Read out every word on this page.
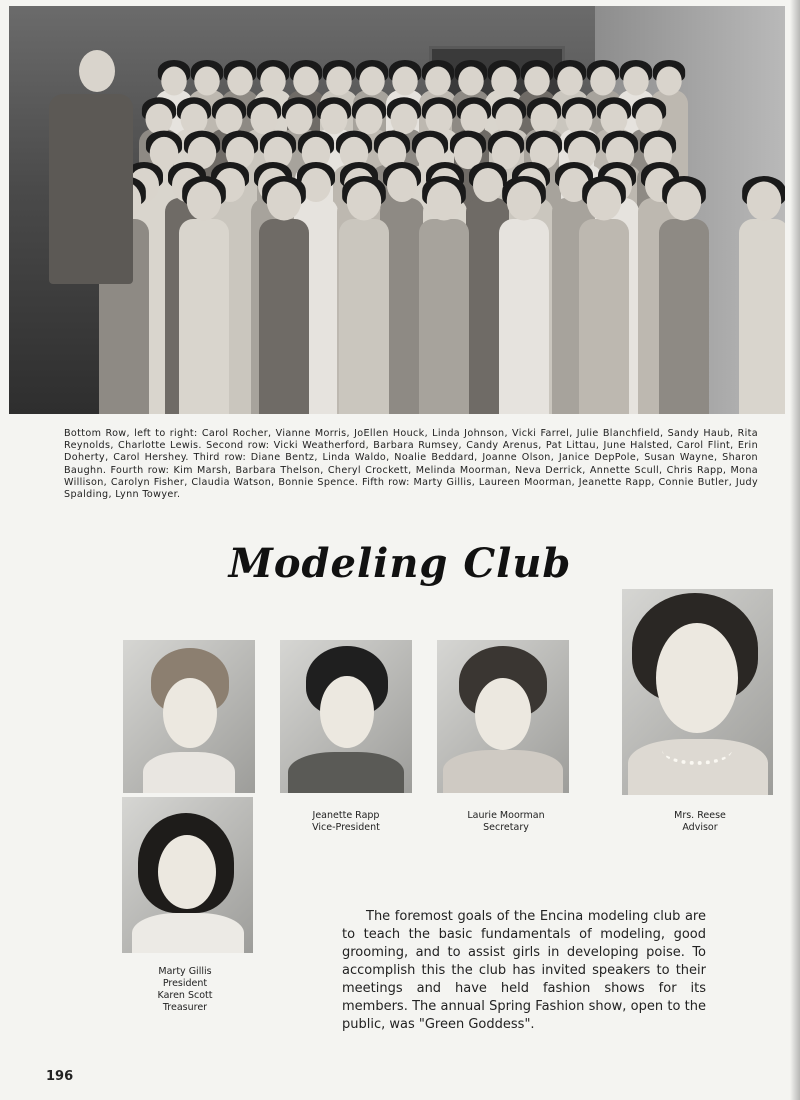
Bottom Row, left to right: Carol Rocher, Vianne Morris, JoEllen Houck, Linda Johnson, Vicki Farrel, Julie Blanchfield, Sandy Haub, Rita Reynolds, Charlotte Lewis. Second row: Vicki Weatherford, Barbara Rumsey, Candy Arenus, Pat Littau, June Halsted, Carol Flint, Erin Doherty, Carol Hershey. Third row: Diane Bentz, Linda Waldo, Noalie Beddard, Joanne Olson, Janice DepPole, Susan Wayne, Sharon Baughn. Fourth row: Kim Marsh, Barbara Thelson, Cheryl Crockett, Melinda Moorman, Neva Derrick, Annette Scull, Chris Rapp, Mona Willison, Carolyn Fisher, Claudia Watson, Bonnie Spence. Fifth row: Marty Gillis, Laureen Moorman, Jeanette Rapp, Connie Butler, Judy Spalding, Lynn Towyer.
Modeling Club
Jeanette Rapp
Vice-President
Laurie Moorman
Secretary
Mrs. Reese
Advisor
Marty Gillis
President
Karen Scott
Treasurer
The foremost goals of the Encina modeling club are to teach the basic fundamentals of modeling, good grooming, and to assist girls in developing poise. To accomplish this the club has invited speakers to their meetings and have held fashion shows for its members. The annual Spring Fashion show, open to the public, was "Green Goddess".
196
